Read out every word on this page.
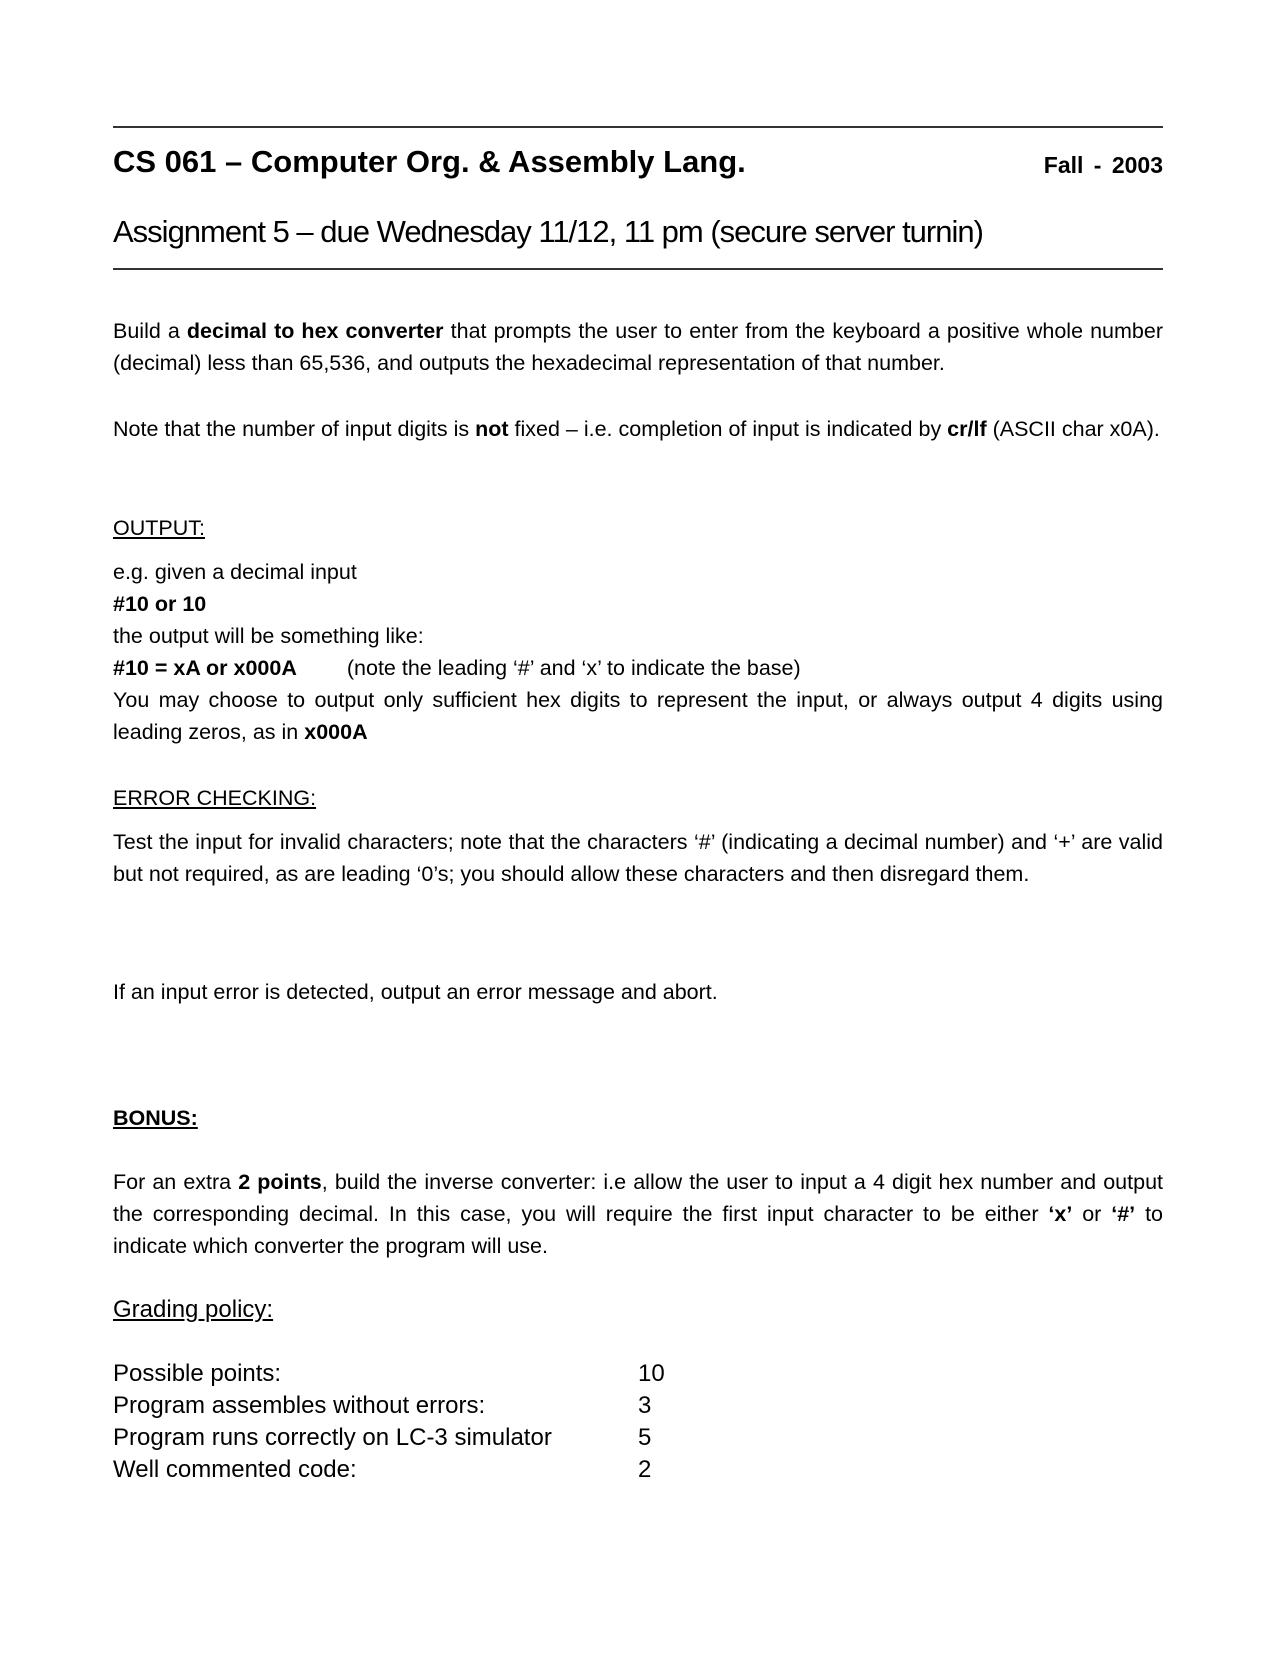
CS 061 – Computer Org. & Assembly Lang.	Fall - 2003
Assignment 5 – due Wednesday 11/12, 11 pm (secure server turnin)
Build a decimal to hex converter that prompts the user to enter from the keyboard a positive whole number (decimal) less than 65,536, and outputs the hexadecimal representation of that number.
Note that the number of input digits is not fixed – i.e. completion of input is indicated by cr/lf (ASCII char x0A).
OUTPUT:
e.g. given a decimal input
#10 or 10
the output will be something like:
#10 = xA or x000A (note the leading ‘#’ and ‘x’ to indicate the base)
You may choose to output only sufficient hex digits to represent the input, or always output 4 digits using leading zeros, as in x000A
ERROR CHECKING:
Test the input for invalid characters; note that the characters ‘#’ (indicating a decimal number) and ‘+’ are valid but not required, as are leading ‘0’s; you should allow these characters and then disregard them.
If an input error is detected, output an error message and abort.
BONUS:
For an extra 2 points, build the inverse converter: i.e allow the user to input a 4 digit hex number and output the corresponding decimal. In this case, you will require the first input character to be either ‘x’ or ‘#’ to indicate which converter the program will use.
Grading policy:
Possible points:	10
Program assembles without errors:	3
Program runs correctly on LC-3 simulator	5
Well commented code:	2
